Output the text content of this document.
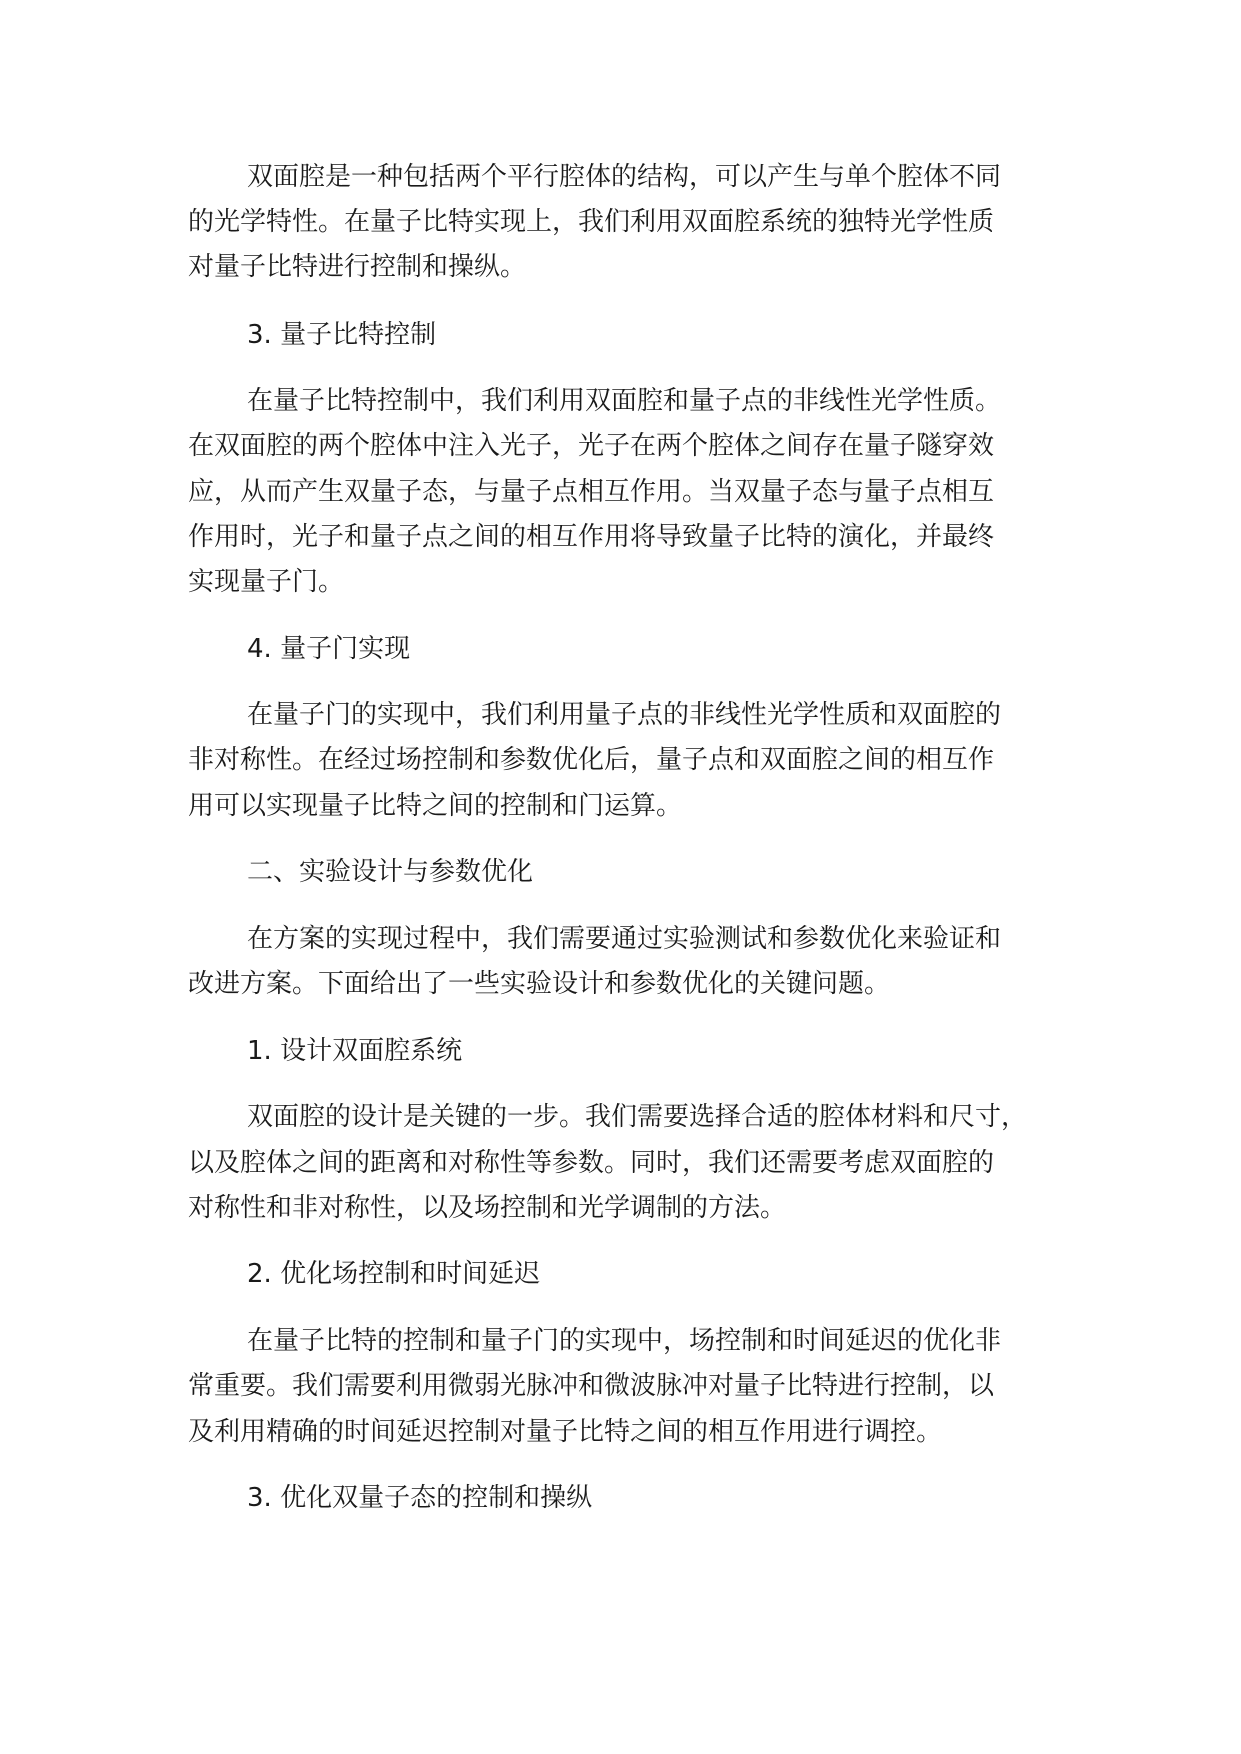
双面腔是一种包括两个平行腔体的结构，可以产生与单个腔体不同
的光学特性。在量子比特实现上，我们利用双面腔系统的独特光学性质
对量子比特进行控制和操纵。
3. 量子比特控制
在量子比特控制中，我们利用双面腔和量子点的非线性光学性质。
在双面腔的两个腔体中注入光子，光子在两个腔体之间存在量子隧穿效
应，从而产生双量子态，与量子点相互作用。当双量子态与量子点相互
作用时，光子和量子点之间的相互作用将导致量子比特的演化，并最终
实现量子门。
4. 量子门实现
在量子门的实现中，我们利用量子点的非线性光学性质和双面腔的
非对称性。在经过场控制和参数优化后，量子点和双面腔之间的相互作
用可以实现量子比特之间的控制和门运算。
二、实验设计与参数优化
在方案的实现过程中，我们需要通过实验测试和参数优化来验证和
改进方案。下面给出了一些实验设计和参数优化的关键问题。
1. 设计双面腔系统
双面腔的设计是关键的一步。我们需要选择合适的腔体材料和尺寸，
以及腔体之间的距离和对称性等参数。同时，我们还需要考虑双面腔的
对称性和非对称性，以及场控制和光学调制的方法。
2. 优化场控制和时间延迟
在量子比特的控制和量子门的实现中，场控制和时间延迟的优化非
常重要。我们需要利用微弱光脉冲和微波脉冲对量子比特进行控制，以
及利用精确的时间延迟控制对量子比特之间的相互作用进行调控。
3. 优化双量子态的控制和操纵
